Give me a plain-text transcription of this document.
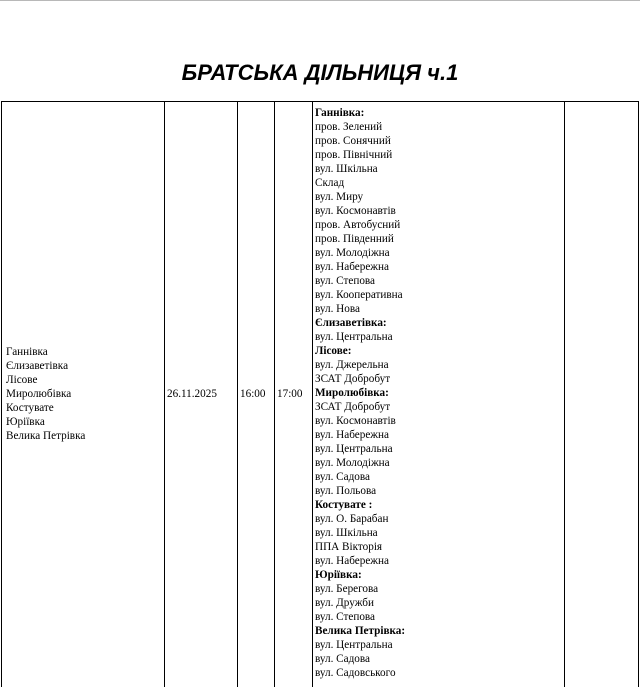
БРАТСЬКА ДІЛЬНИЦЯ ч.1
Ганнівка
Єлизаветівка
Лісове
Миролюбівка
Костувате
Юріївка
Велика Петрівка
26.11.2025 16:00 17:00
Ганнівка:
пров. Зелений
пров. Сонячний
пров. Північний
вул. Шкільна
Склад
вул. Миру
вул. Космонавтів
пров. Автобусний
пров. Південний
вул. Молодіжна
вул. Набережна
вул. Степова
вул. Кооперативна
вул. Нова
Єлизаветівка:
вул. Центральна
Лісове:
вул. Джерельна
ЗСАТ Добробут
Миролюбівка:
ЗСАТ Добробут
вул. Космонавтів
вул. Набережна
вул. Центральна
вул. Молодіжна
вул. Садова
вул. Польова
Костувате :
вул. О. Барабан
вул. Шкільна
ППА Вікторія
вул. Набережна
Юріївка:
вул. Берегова
вул. Дружби
вул. Степова
Велика Петрівка:
вул. Центральна
вул. Садова
вул. Садовського
